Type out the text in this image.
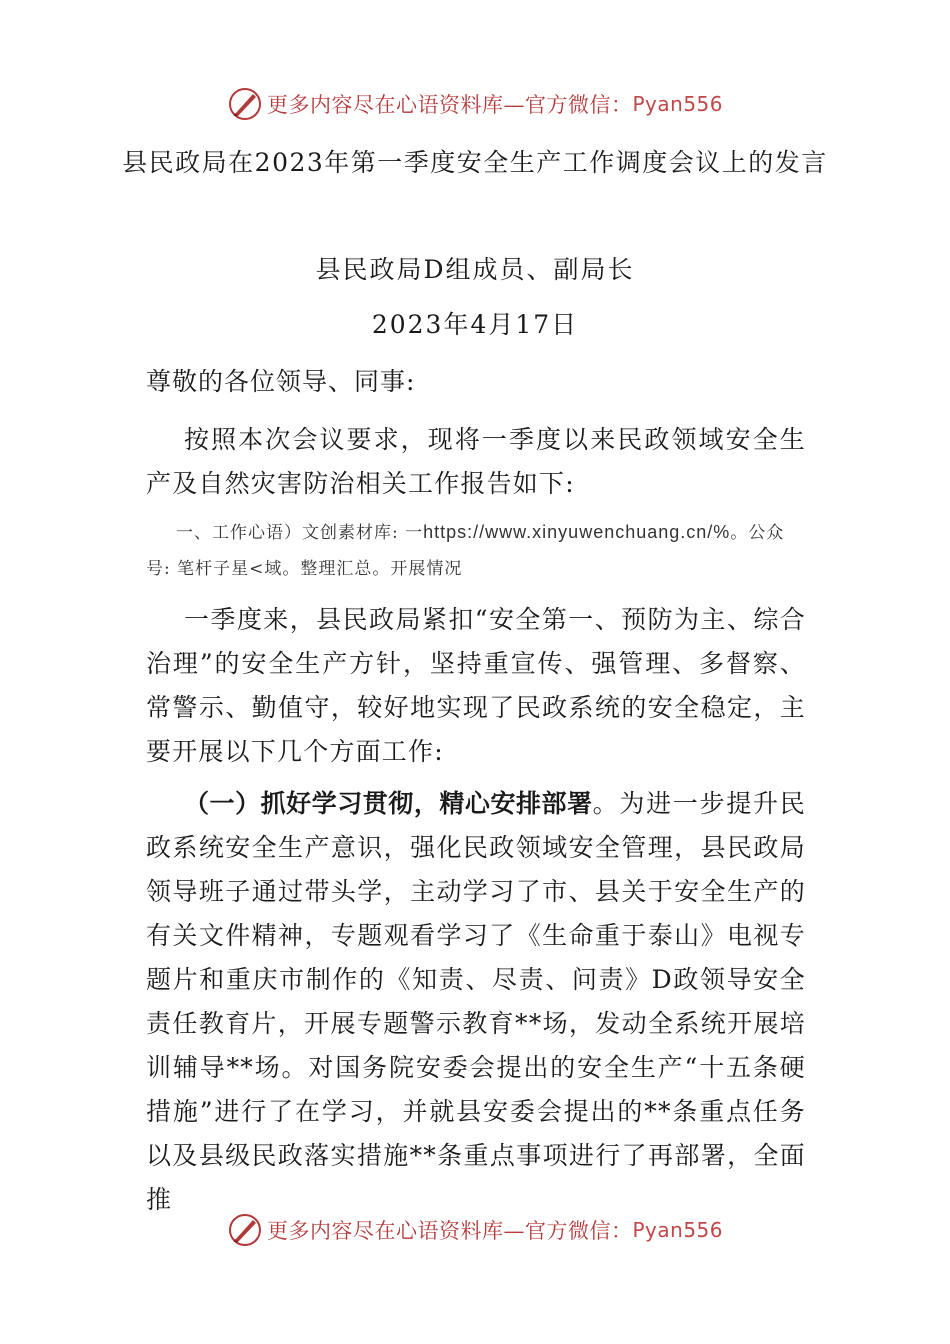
更多内容尽在心语资料库—官方微信： Pyan556
县民政局在2023年第一季度安全生产工作调度会议上的发言
县民政局D组成员、副局长
2023年4月17日
尊敬的各位领导、同事:
按照本次会议要求，现将一季度以来民政领域安全生产及自然灾害防治相关工作报告如下:
一、工作心语）文创素材库: 一https://www.xinyuwenchuang.cn/%。公众号: 笔杆子星<域。整理汇总。开展情况
一季度来，县民政局紧扣“安全第一、预防为主、综合治理”的安全生产方针，坚持重宣传、强管理、多督察、常警示、勤值守，较好地实现了民政系统的安全稳定，主要开展以下几个方面工作:
（一）抓好学习贯彻，精心安排部署。为进一步提升民政系统安全生产意识，强化民政领域安全管理，县民政局领导班子通过带头学，主动学习了市、县关于安全生产的有关文件精神，专题观看学习了《生命重于泰山》电视专题片和重庆市制作的《知责、尽责、问责》D政领导安全责任教育片，开展专题警示教育**场，发动全系统开展培训辅导**场。对国务院安委会提出的安全生产“十五条硬措施”进行了在学习，并就县安委会提出的**条重点任务以及县级民政落实措施**条重点事项进行了再部署，全面推
更多内容尽在心语资料库—官方微信： Pyan556
